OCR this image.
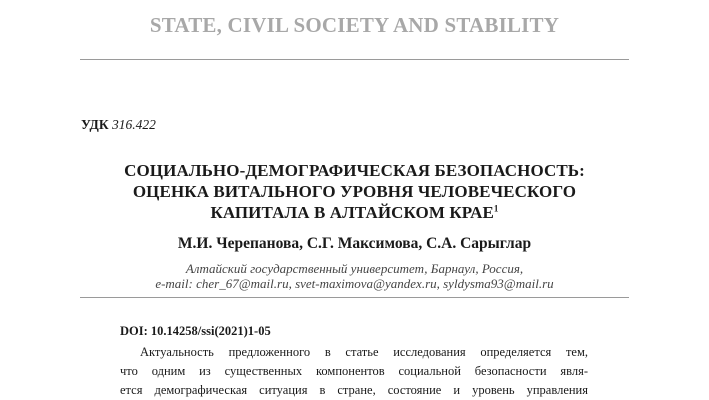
STATE, CIVIL SOCIETY AND STABILITY
УДК 316.422
СОЦИАЛЬНО-ДЕМОГРАФИЧЕСКАЯ БЕЗОПАСНОСТЬ:
ОЦЕНКА ВИТАЛЬНОГО УРОВНЯ ЧЕЛОВЕЧЕСКОГО
КАПИТАЛА В АЛТАЙСКОМ КРАЕ$^1$
М.И. Черепанова, С.Г. Максимова, С.А. Сарыглар
Алтайский государственный университет, Барнаул, Россия,
e-mail: cher_67@mail.ru, svet-maximova@yandex.ru, syldysma93@mail.ru
DOI: 10.14258/ssi(2021)1-05
Актуальность предложенного в статье исследования определяется тем,
что одним из существенных компонентов социальной безопасности явля-
ется демографическая ситуация в стране, состояние и уровень управления
